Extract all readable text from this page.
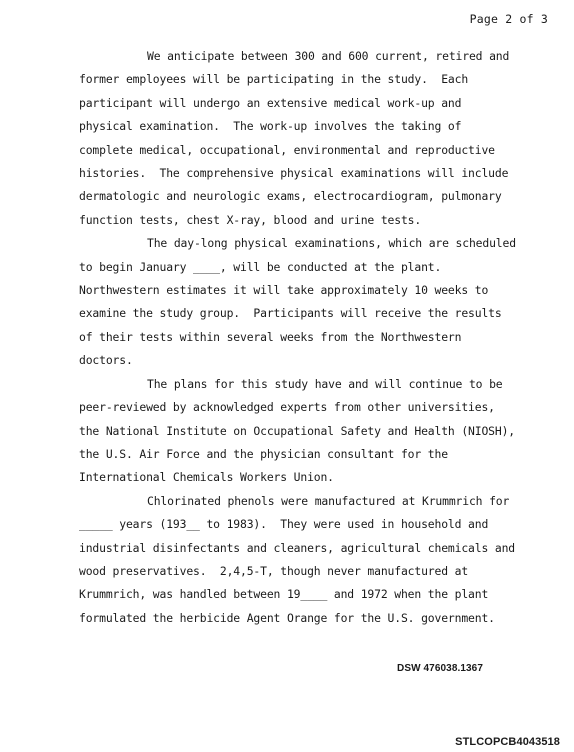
Page 2 of 3
We anticipate between 300 and 600 current, retired and
former employees will be participating in the study.  Each
participant will undergo an extensive medical work-up and
physical examination.  The work-up involves the taking of
complete medical, occupational, environmental and reproductive
histories.  The comprehensive physical examinations will include
dermatologic and neurologic exams, electrocardiogram, pulmonary
function tests, chest X-ray, blood and urine tests.
The day-long physical examinations, which are scheduled
to begin January ____, will be conducted at the plant.
Northwestern estimates it will take approximately 10 weeks to
examine the study group.  Participants will receive the results
of their tests within several weeks from the Northwestern
doctors.
The plans for this study have and will continue to be
peer-reviewed by acknowledged experts from other universities,
the National Institute on Occupational Safety and Health (NIOSH),
the U.S. Air Force and the physician consultant for the
International Chemicals Workers Union.
Chlorinated phenols were manufactured at Krummrich for
_____ years (193__ to 1983).  They were used in household and
industrial disinfectants and cleaners, agricultural chemicals and
wood preservatives.  2,4,5-T, though never manufactured at
Krummrich, was handled between 19____ and 1972 when the plant
formulated the herbicide Agent Orange for the U.S. government.
DSW 476038.1367
STLCOPCB4043518
